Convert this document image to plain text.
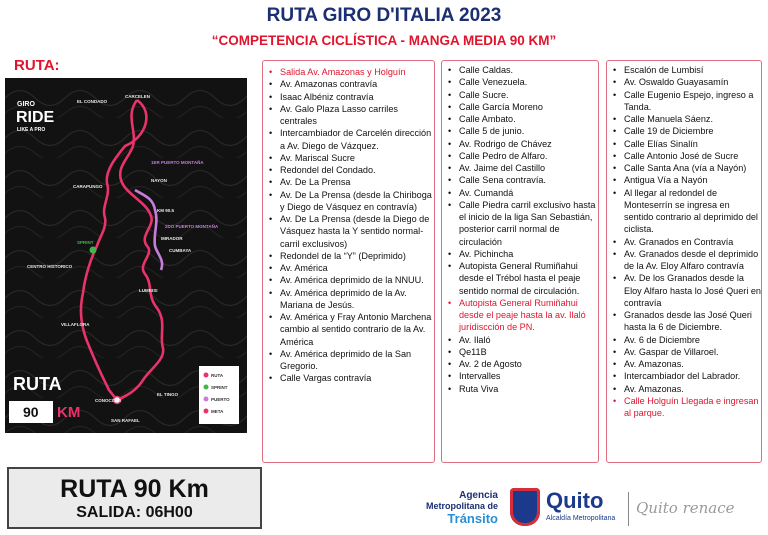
RUTA GIRO D'ITALIA 2023
“COMPETENCIA CICLÍSTICA - MANGA MEDIA 90 KM”
RUTA:
GIRO
RIDE
LIKE A PRO
EL CONDADO
CARCELEN
NAYON
CARAPUNGO
SPRINT
CENTRO HISTORICO
CUMBAYA
LUMBISI
VILLAFLORA
EL TINGO
CONOCOTO
SAN RAFAEL
MIRADOR
1ER PUERTO MONTAÑA
2DO PUERTO MONTAÑA
KM 90.5
RUTA
90 KM
RUTA
SPRINT
PUERTO
META
• Salida Av. Amazonas y Holguín
• Av. Amazonas contravía
• Isaac Albéniz contravía
• Av. Galo Plaza Lasso carriles centrales
• Intercambiador de Carcelén dirección a Av. Diego de Vázquez.
• Av. Mariscal Sucre
• Redondel del Condado.
• Av. De La Prensa
• Av. De La Prensa (desde la Chiriboga y Diego de Vásquez en contravía)
• Av. De La Prensa (desde la Diego de Vásquez hasta la Y sentido normal-carril exclusivos)
• Redondel de la “Y” (Deprimido)
• Av. América
• Av. América deprimido de la NNUU.
• Av. América deprimido de la Av. Mariana de Jesús.
• Av. América y Fray Antonio Marchena cambio al sentido contrario de la Av. América
• Av. América deprimido de la San Gregorio.
• Calle Vargas contravía
• Calle Caldas.
• Calle Venezuela.
• Calle Sucre.
• Calle García Moreno
• Calle Ambato.
• Calle 5 de junio.
• Av. Rodrigo de Chávez
• Calle Pedro de Alfaro.
• Av. Jaime del Castillo
• Calle Sena contravía.
• Av. Cumandá
• Calle Piedra carril exclusivo hasta el inicio de la liga San Sebastián, posterior carril normal de circulación
• Av. Pichincha
• Autopista General Rumiñahui desde el Trébol hasta el peaje sentido normal de circulación.
• Autopista General Rumiñahui desde el peaje hasta la av. Ilaló jurídiscción de PN.
• Av. Ilaló
• Qe11B
• Av. 2 de Agosto
• Intervalles
• Ruta Viva
• Escalón de Lumbisí
• Av. Oswaldo Guayasamín
• Calle Eugenio Espejo, ingreso a Tanda.
• Calle Manuela Sáenz.
• Calle 19 de Diciembre
• Calle Elías Sinalín
• Calle Antonio José de Sucre
• Calle Santa Ana (vía a Nayón)
• Antigua Vía a Nayón
• Al llegar al redondel de Monteserrín se ingresa en sentido contrario al deprimido del ciclista.
• Av. Granados en Contravía
• Av. Granados desde el deprimido de la Av. Eloy Alfaro contravía
• Av. De los Granados desde la Eloy Alfaro hasta lo José Queri en contravía
• Granados desde las José Queri hasta la 6 de Diciembre.
• Av. 6 de Diciembre
• Av. Gaspar de Villaroel.
• Av. Amazonas.
• Intercambiador del Labrador.
• Av. Amazonas.
• Calle Holguín Llegada e ingresan al parque.
RUTA 90 Km
SALIDA: 06H00
Agencia
Metropolitana de
Tránsito
Quito
Alcaldía Metropolitana
Quito renace
